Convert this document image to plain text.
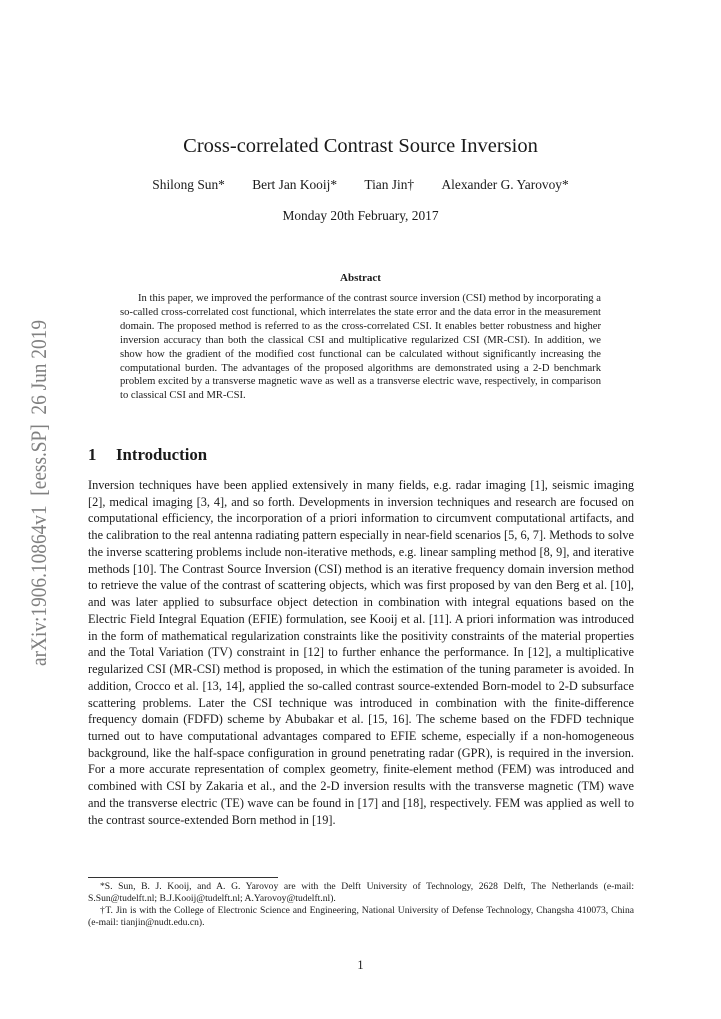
arXiv:1906.10864v1  [eess.SP]  26 Jun 2019
Cross-correlated Contrast Source Inversion
Shilong Sun* Bert Jan Kooij* Tian Jin† Alexander G. Yarovoy*
Monday 20th February, 2017
Abstract

In this paper, we improved the performance of the contrast source inversion (CSI) method by incorporating a so-called cross-correlated cost functional, which interrelates the state error and the data error in the measurement domain. The proposed method is referred to as the cross-correlated CSI. It enables better robustness and higher inversion accuracy than both the classical CSI and multiplicative regularized CSI (MR-CSI). In addition, we show how the gradient of the modified cost functional can be calculated without significantly increasing the computational burden. The advantages of the proposed algorithms are demonstrated using a 2-D benchmark problem excited by a transverse magnetic wave as well as a transverse electric wave, respectively, in comparison to classical CSI and MR-CSI.

1 Introduction

Inversion techniques have been applied extensively in many fields, e.g. radar imaging [1], seismic imaging [2], medical imaging [3, 4], and so forth. Developments in inversion techniques and research are focused on computational efficiency, the incorporation of a priori information to circumvent computational artifacts, and the calibration to the real antenna radiating pattern especially in near-field scenarios [5, 6, 7]. Methods to solve the inverse scattering problems include non-iterative methods, e.g. linear sampling method [8, 9], and iterative methods [10]. The Contrast Source Inversion (CSI) method is an iterative frequency domain inversion method to retrieve the value of the contrast of scattering objects, which was first proposed by van den Berg et al. [10], and was later applied to subsurface object detection in combination with integral equations based on the Electric Field Integral Equation (EFIE) formulation, see Kooij et al. [11]. A priori information was introduced in the form of mathematical regularization constraints like the positivity constraints of the material properties and the Total Variation (TV) constraint in [12] to further enhance the performance. In [12], a multiplicative regularized CSI (MR-CSI) method is proposed, in which the estimation of the tuning parameter is avoided. In addition, Crocco et al. [13, 14], applied the so-called contrast source-extended Born-model to 2-D subsurface scattering problems. Later the CSI technique was introduced in combination with the finite-difference frequency domain (FDFD) scheme by Abubakar et al. [15, 16]. The scheme based on the FDFD technique turned out to have computational advantages compared to EFIE scheme, especially if a non-homogeneous background, like the half-space configuration in ground penetrating radar (GPR), is required in the inversion. For a more accurate representation of complex geometry, finite-element method (FEM) was introduced and combined with CSI by Zakaria et al., and the 2-D inversion results with the transverse magnetic (TM) wave and the transverse electric (TE) wave can be found in [17] and [18], respectively. FEM was applied as well to the contrast source-extended Born method in [19].

*S. Sun, B. J. Kooij, and A. G. Yarovoy are with the Delft University of Technology, 2628 Delft, The Netherlands (e-mail: S.Sun@tudelft.nl; B.J.Kooij@tudelft.nl; A.Yarovoy@tudelft.nl).

†T. Jin is with the College of Electronic Science and Engineering, National University of Defense Technology, Changsha 410073, China (e-mail: tianjin@nudt.edu.cn).

1
